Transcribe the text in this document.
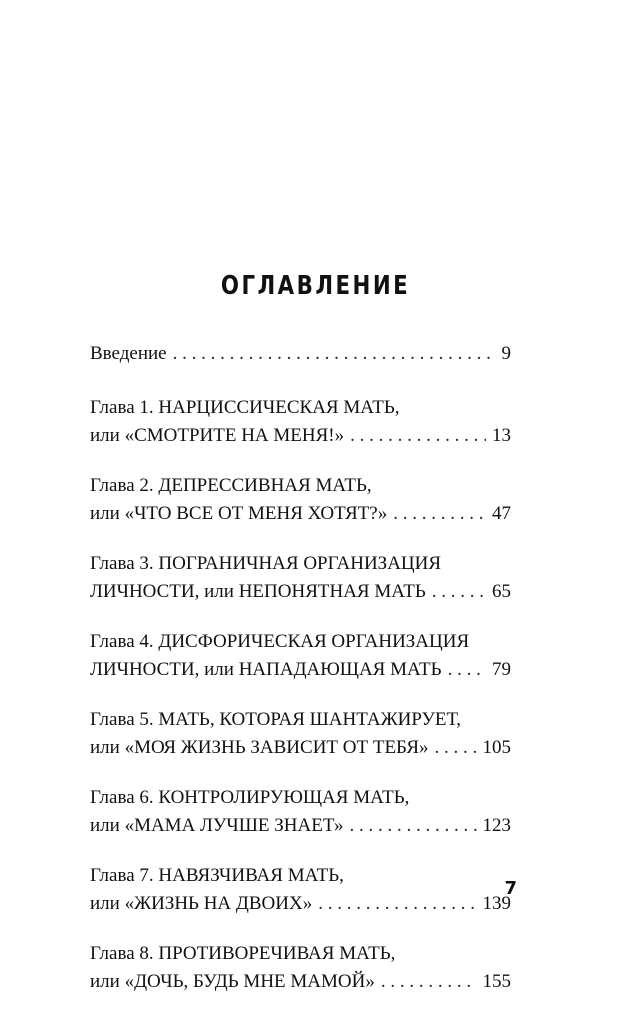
ОГЛАВЛЕНИЕ
Введение . . .	9
Глава 1. НАРЦИССИЧЕСКАЯ МАТЬ,
или «СМОТРИТЕ НА МЕНЯ!» . . .	13
Глава 2. ДЕПРЕССИВНАЯ МАТЬ,
или «ЧТО ВСЕ ОТ МЕНЯ ХОТЯТ?» . . .	47
Глава 3. ПОГРАНИЧНАЯ ОРГАНИЗАЦИЯ
ЛИЧНОСТИ, или НЕПОНЯТНАЯ МАТЬ . . .	65
Глава 4. ДИСФОРИЧЕСКАЯ ОРГАНИЗАЦИЯ
ЛИЧНОСТИ, или НАПАДАЮЩАЯ МАТЬ . . .	79
Глава 5. МАТЬ, КОТОРАЯ ШАНТАЖИРУЕТ,
или «МОЯ ЖИЗНЬ ЗАВИСИТ ОТ ТЕБЯ» . . .	105
Глава 6. КОНТРОЛИРУЮЩАЯ МАТЬ,
или «МАМА ЛУЧШЕ ЗНАЕТ» . . .	123
Глава 7. НАВЯЗЧИВАЯ МАТЬ,
или «ЖИЗНЬ НА ДВОИХ» . . .	139
Глава 8. ПРОТИВОРЕЧИВАЯ МАТЬ,
или «ДОЧЬ, БУДЬ МНЕ МАМОЙ» . . .	155
7
